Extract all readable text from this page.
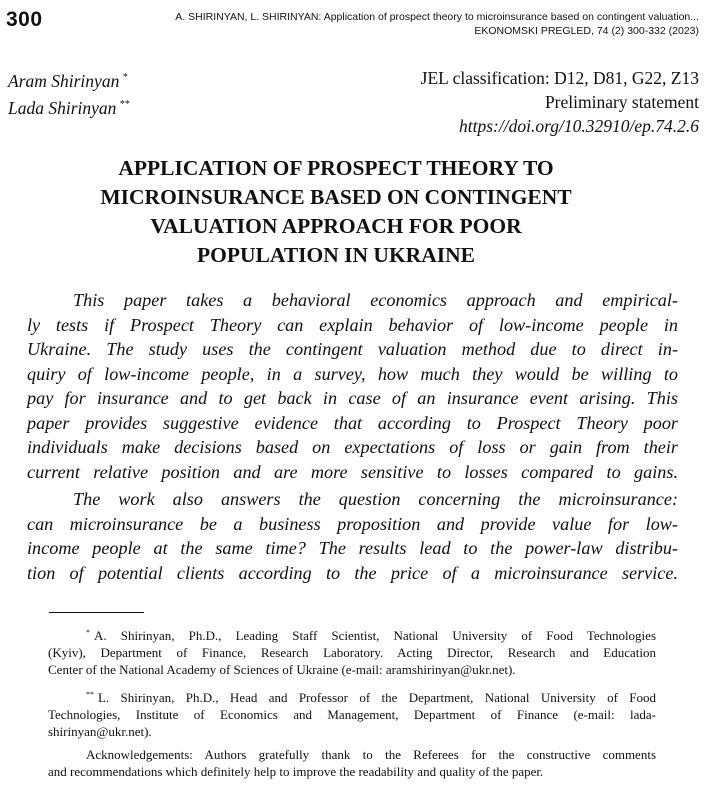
300	A. SHIRINYAN, L. SHIRINYAN: Application of prospect theory to microinsurance based on contingent valuation...
EKONOMSKI PREGLED, 74 (2) 300-332 (2023)
Aram Shirinyan *
Lada Shirinyan **
JEL classification: D12, D81, G22, Z13
Preliminary statement
https://doi.org/10.32910/ep.74.2.6
APPLICATION OF PROSPECT THEORY TO
MICROINSURANCE BASED ON CONTINGENT
VALUATION APPROACH FOR POOR
POPULATION IN UKRAINE
This paper takes a behavioral economics approach and empirical-
ly tests if Prospect Theory can explain behavior of low-income people in
Ukraine. The study uses the contingent valuation method due to direct in-
quiry of low-income people, in a survey, how much they would be willing to
pay for insurance and to get back in case of an insurance event arising. This
paper provides suggestive evidence that according to Prospect Theory poor
individuals make decisions based on expectations of loss or gain from their
current relative position and are more sensitive to losses compared to gains.
The work also answers the question concerning the microinsurance:
can microinsurance be a business proposition and provide value for low-
income people at the same time? The results lead to the power-law distribu-
tion of potential clients according to the price of a microinsurance service.
* A. Shirinyan, Ph.D., Leading Staff Scientist, National University of Food Technologies
(Kyiv), Department of Finance, Research Laboratory. Acting Director, Research and Education
Center of the National Academy of Sciences of Ukraine (e-mail: aramshirinyan@ukr.net).
** L. Shirinyan, Ph.D., Head and Professor of the Department, National University of Food
Technologies, Institute of Economics and Management, Department of Finance (e-mail: lada-
shirinyan@ukr.net).
Acknowledgements: Authors gratefully thank to the Referees for the constructive comments
and recommendations which definitely help to improve the readability and quality of the paper.
